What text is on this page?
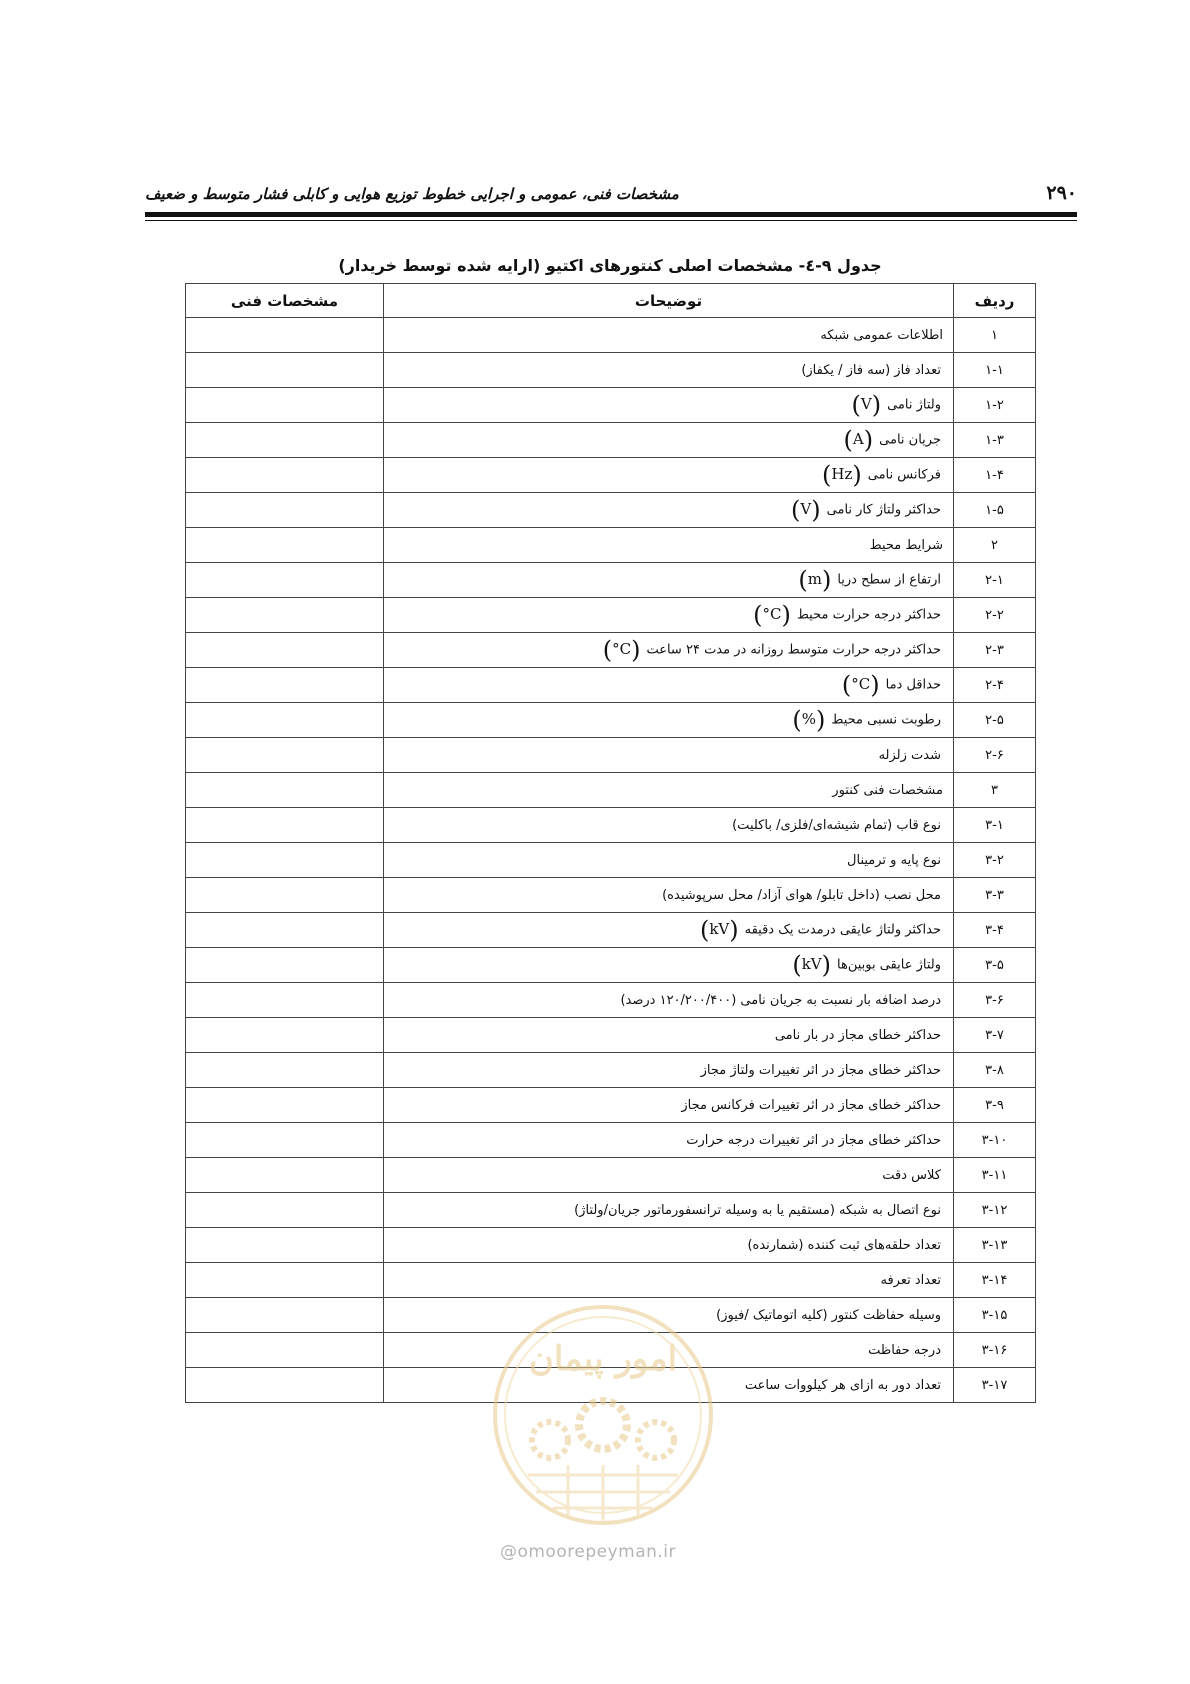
۲۹۰
مشخصات فنی، عمومی و اجرایی خطوط توزیع هوایی و کابلی فشار متوسط و ضعیف
جدول ۹-٤- مشخصات اصلی کنتورهای اکتیو (ارایه شده توسط خریدار)
ردیف	توضیحات	مشخصات فنی
۱	اطلاعات عمومی شبکه	
۱-۱	تعداد فاز (سه فاز / یکفاز)	
۱-۲	ولتاژ نامی(V)	
۱-۳	جریان نامی(A)	
۱-۴	فرکانس نامی(Hz)	
۱-۵	حداکثر ولتاژ کار نامی(V)	
۲	شرایط محیط	
۲-۱	ارتفاع از سطح دریا(m)	
۲-۲	حداکثر درجه حرارت محیط(°C)	
۲-۳	حداکثر درجه حرارت متوسط روزانه در مدت ۲۴ ساعت(°C)	
۲-۴	حداقل دما(°C)	
۲-۵	رطوبت نسبی محیط(%)	
۲-۶	شدت زلزله	
۳	مشخصات فنی کنتور	
۳-۱	نوع قاب (تمام شیشه‌ای/فلزی/ باکلیت)	
۳-۲	نوع پایه و ترمینال	
۳-۳	محل نصب (داخل تابلو/ هوای آزاد/ محل سرپوشیده)	
۳-۴	حداکثر ولتاژ عایقی درمدت یک دقیقه(kV)	
۳-۵	ولتاژ عایقی بوبین‌ها(kV)	
۳-۶	درصد اضافه بار نسبت به جریان نامی (۱۲۰/۲۰۰/۴۰۰ درصد)	
۳-۷	حداکثر خطای مجاز در بار نامی	
۳-۸	حداکثر خطای مجاز در اثر تغییرات ولتاژ مجاز	
۳-۹	حداکثر خطای مجاز در اثر تغییرات فرکانس مجاز	
۳-۱۰	حداکثر خطای مجاز در اثر تغییرات درجه حرارت	
۳-۱۱	کلاس دقت	
۳-۱۲	نوع اتصال به شبکه (مستقیم یا به وسیله ترانسفورماتور جریان/ولتاژ)	
۳-۱۳	تعداد حلقه‌های ثبت کننده (شمارنده)	
۳-۱۴	تعداد تعرفه	
۳-۱۵	وسیله حفاظت کنتور (کلیه اتوماتیک /فیوز)	
۳-۱۶	درجه حفاظت	
۳-۱۷	تعداد دور به ازای هر کیلووات ساعت	
امور پیمان
@omoorepeyman.ir
